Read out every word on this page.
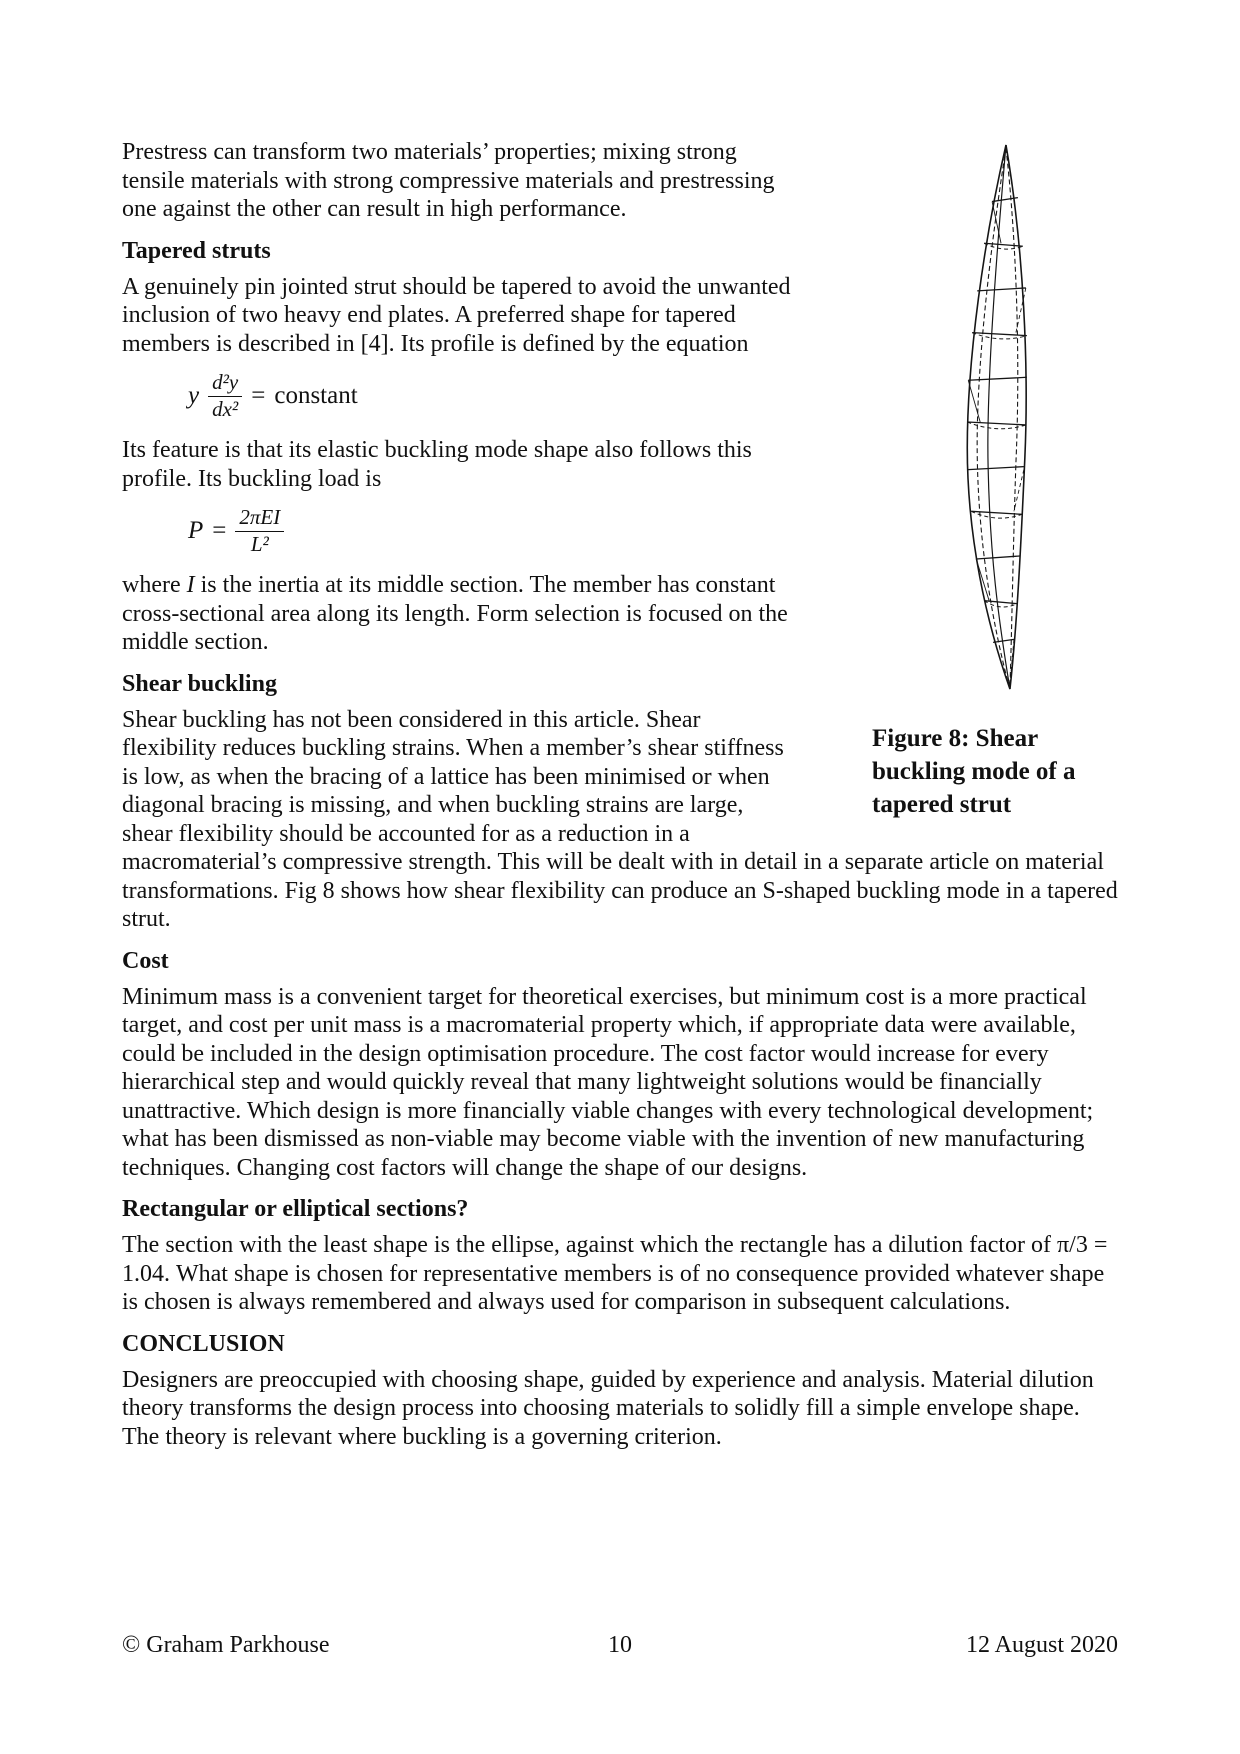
Figure 8: Shear buckling mode of a tapered strut

Prestress can transform two materials’ properties; mixing strong tensile materials with strong compressive materials and prestressing one against the other can result in high performance.

Tapered struts

A genuinely pin jointed strut should be tapered to avoid the unwanted inclusion of two heavy end plates. A preferred shape for tapered members is described in [4]. Its profile is defined by the equation

y $\frac{\text{d²y}}{\text{dx²}}$ = constant

Its feature is that its elastic buckling mode shape also follows this profile. Its buckling load is

$P = \frac{\text{2πEI}}{\text{L²}}$

where I is the inertia at its middle section. The member has constant cross-sectional area along its length. Form selection is focused on the middle section.

Shear buckling

Shear buckling has not been considered in this article. Shear flexibility reduces buckling strains. When a member’s shear stiffness is low, as when the bracing of a lattice has been minimised or when diagonal bracing is missing, and when buckling strains are large, shear flexibility should be accounted for as a reduction in a macromaterial’s compressive strength. This will be dealt with in detail in a separate article on material transformations. Fig 8 shows how shear flexibility can produce an S-shaped buckling mode in a tapered strut.

Cost

Minimum mass is a convenient target for theoretical exercises, but minimum cost is a more practical target, and cost per unit mass is a macromaterial property which, if appropriate data were available, could be included in the design optimisation procedure. The cost factor would increase for every hierarchical step and would quickly reveal that many lightweight solutions would be financially unattractive. Which design is more financially viable changes with every technological development; what has been dismissed as non-viable may become viable with the invention of new manufacturing techniques. Changing cost factors will change the shape of our designs.

Rectangular or elliptical sections?

The section with the least shape is the ellipse, against which the rectangle has a dilution factor of π/3 = 1.04. What shape is chosen for representative members is of no consequence provided whatever shape is chosen is always remembered and always used for comparison in subsequent calculations.

CONCLUSION

Designers are preoccupied with choosing shape, guided by experience and analysis. Material dilution theory transforms the design process into choosing materials to solidly fill a simple envelope shape. The theory is relevant where buckling is a governing criterion.

© Graham Parkhouse	10	12 August 2020
